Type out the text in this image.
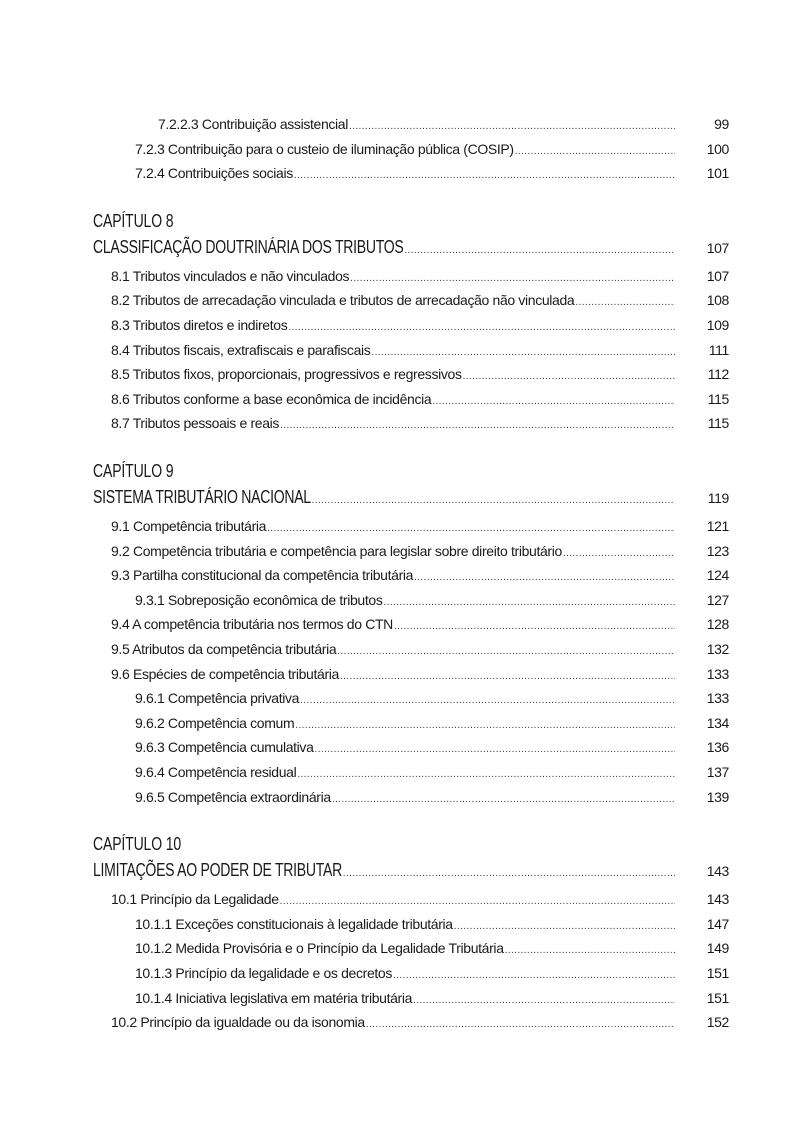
7.2.2.3 Contribuição assistencial .....	99
7.2.3 Contribuição para o custeio de iluminação pública (COSIP) .....	100
7.2.4 Contribuições sociais .....	101
CAPÍTULO 8
CLASSIFICAÇÃO DOUTRINÁRIA DOS TRIBUTOS .....	107
8.1 Tributos vinculados e não vinculados .....	107
8.2 Tributos de arrecadação vinculada e tributos de arrecadação não vinculada .....	108
8.3 Tributos diretos e indiretos .....	109
8.4 Tributos fiscais, extrafiscais e parafiscais .....	111
8.5 Tributos fixos, proporcionais, progressivos e regressivos .....	112
8.6 Tributos conforme a base econômica de incidência .....	115
8.7 Tributos pessoais e reais .....	115
CAPÍTULO 9
SISTEMA TRIBUTÁRIO NACIONAL .....	119
9.1 Competência tributária .....	121
9.2 Competência tributária e competência para legislar sobre direito tributário .....	123
9.3 Partilha constitucional da competência tributária .....	124
9.3.1 Sobreposição econômica de tributos .....	127
9.4 A competência tributária nos termos do CTN .....	128
9.5 Atributos da competência tributária .....	132
9.6 Espécies de competência tributária .....	133
9.6.1 Competência privativa .....	133
9.6.2 Competência comum .....	134
9.6.3 Competência cumulativa .....	136
9.6.4 Competência residual .....	137
9.6.5 Competência extraordinária .....	139
CAPÍTULO 10
LIMITAÇÕES AO PODER DE TRIBUTAR .....	143
10.1 Princípio da Legalidade .....	143
10.1.1 Exceções constitucionais à legalidade tributária .....	147
10.1.2 Medida Provisória e o Princípio da Legalidade Tributária .....	149
10.1.3 Princípio da legalidade e os decretos .....	151
10.1.4 Iniciativa legislativa em matéria tributária .....	151
10.2 Princípio da igualdade ou da isonomia .....	152
